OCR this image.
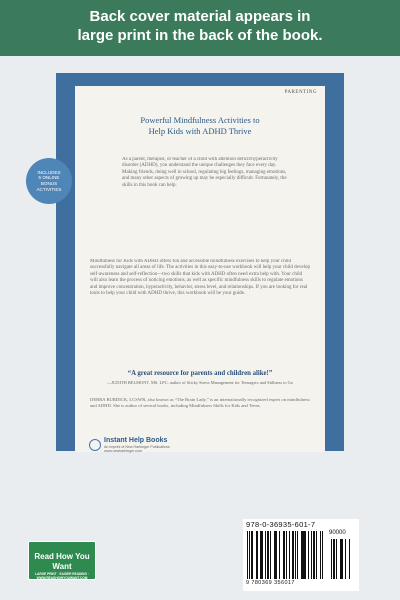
Back cover material appears in
large print in the back of the book.
PARENTING
Powerful Mindfulness Activities to
Help Kids with ADHD Thrive
As a parent, therapist, or teacher of a child with attention deficit/hyperactivity disorder (ADHD), you understand the unique challenges they face every day. Making friends, doing well in school, regulating big feelings, managing emotions, and many other aspects of growing up may be especially difficult. Fortunately, the skills in this book can help.
Mindfulness for Kids with ADHD offers fun and accessible mindfulness exercises to help your child successfully navigate all areas of life. The activities in this easy-to-use workbook will help your child develop self-awareness and self-reflection—two skills that kids with ADHD often need extra help with. Your child will also learn the process of noticing emotions, as well as specific mindfulness skills to regulate emotions and improve concentration, hyperactivity, behavior, stress level, and relationships. If you are looking for real tools to help your child with ADHD thrive, this workbook will be your guide.
“A great resource for parents and children alike!”
—JUDITH BELMONT, MS, LPC, author of Sticky Stress Management for Teenagers and Stillness to Go
DEBRA BURDICK, LCSWR, also known as “The Brain Lady,” is an internationally recognized expert on mindfulness and ADHD. She is author of several books, including Mindfulness Skills for Kids and Teens.
Instant Help Books
An Imprint of New Harbinger Publications
www.newharbinger.com
INCLUDES
5 ONLINE
BONUS
ACTIVITIES
978-0-36935-601-7
90000
9 780369 356017
Read How You Want
LARGE PRINT · EASIER READING · WWW.READHOWYOUWANT.COM
